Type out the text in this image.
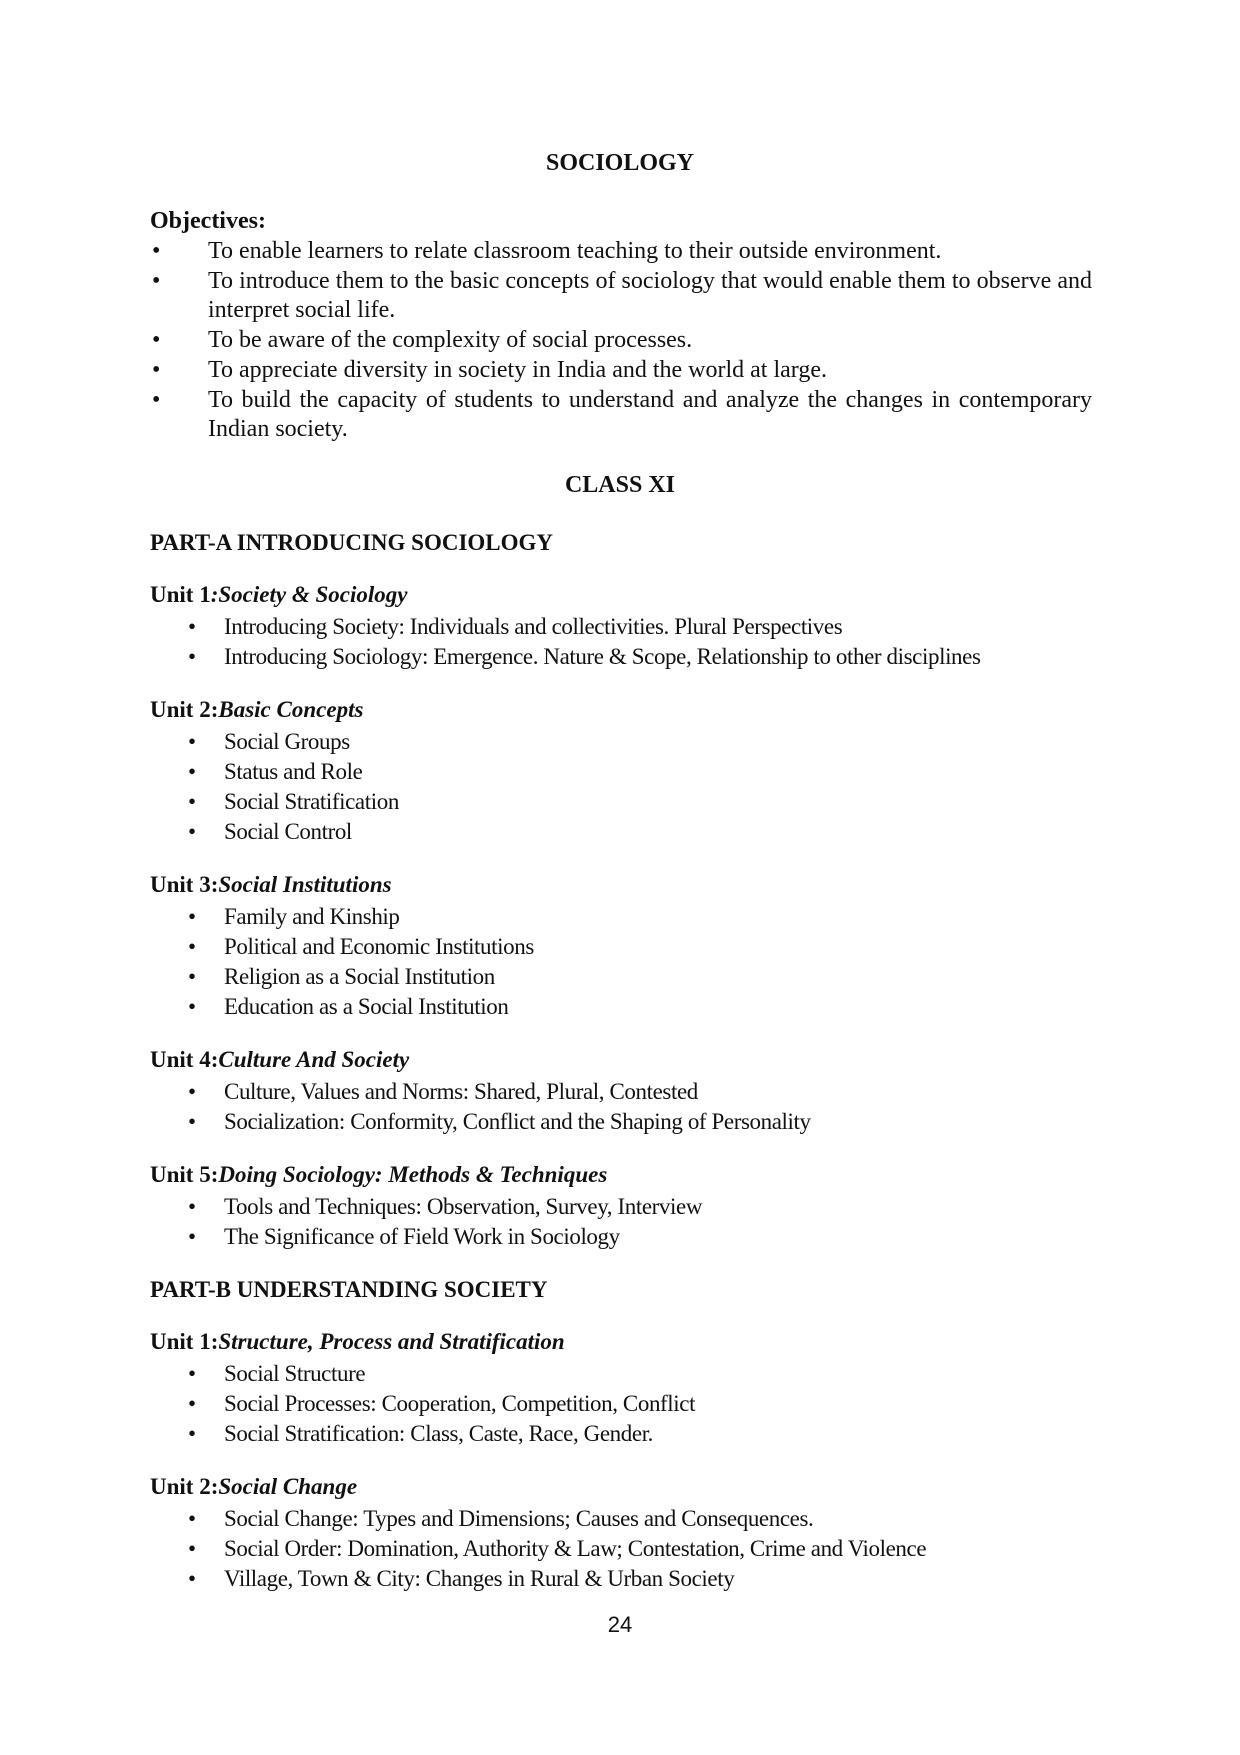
SOCIOLOGY
Objectives:
• To enable learners to relate classroom teaching to their outside environment.
• To introduce them to the basic concepts of sociology that would enable them to observe and interpret social life.
• To be aware of the complexity of social processes.
• To appreciate diversity in society in India and the world at large.
• To build the capacity of students to understand and analyze the changes in contemporary Indian society.
CLASS XI
PART-A INTRODUCING SOCIOLOGY
Unit 1:Society & Sociology
• Introducing Society: Individuals and collectivities. Plural Perspectives
• Introducing Sociology: Emergence. Nature & Scope, Relationship to other disciplines
Unit 2:Basic Concepts
• Social Groups
• Status and Role
• Social Stratification
• Social Control
Unit 3:Social Institutions
• Family and Kinship
• Political and Economic Institutions
• Religion as a Social Institution
• Education as a Social Institution
Unit 4:Culture And Society
• Culture, Values and Norms: Shared, Plural, Contested
• Socialization: Conformity, Conflict and the Shaping of Personality
Unit 5:Doing Sociology: Methods & Techniques
• Tools and Techniques: Observation, Survey, Interview
• The Significance of Field Work in Sociology
PART-B UNDERSTANDING SOCIETY
Unit 1:Structure, Process and Stratification
• Social Structure
• Social Processes: Cooperation, Competition, Conflict
• Social Stratification: Class, Caste, Race, Gender.
Unit 2:Social Change
• Social Change: Types and Dimensions; Causes and Consequences.
• Social Order: Domination, Authority & Law; Contestation, Crime and Violence
• Village, Town & City: Changes in Rural & Urban Society
24
